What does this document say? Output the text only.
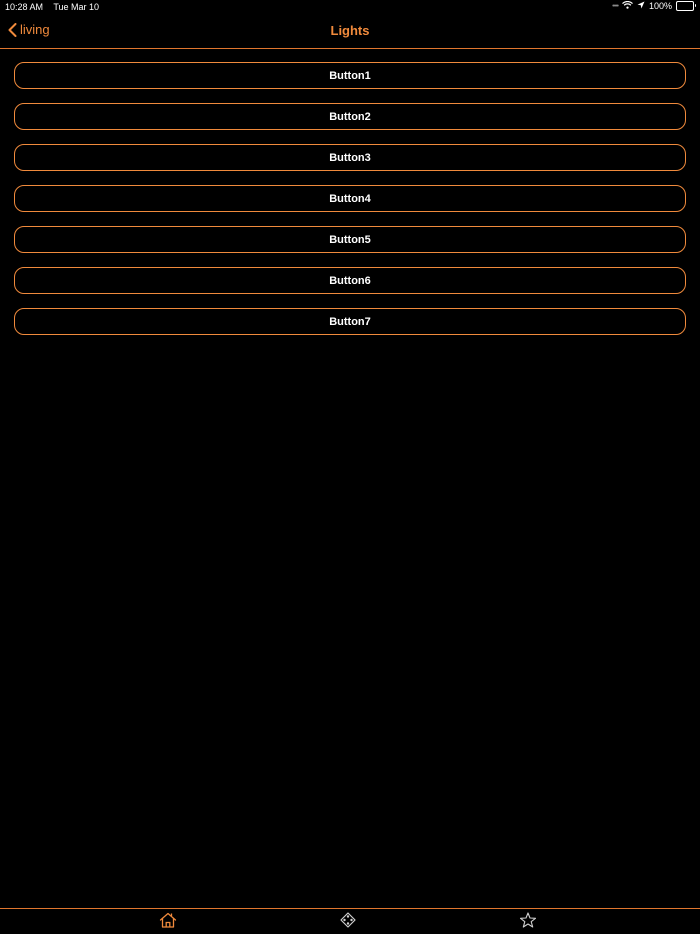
10:28 AM Tue Mar 10	••••	100%
living	Lights
Button1
Button2
Button3
Button4
Button5
Button6
Button7
